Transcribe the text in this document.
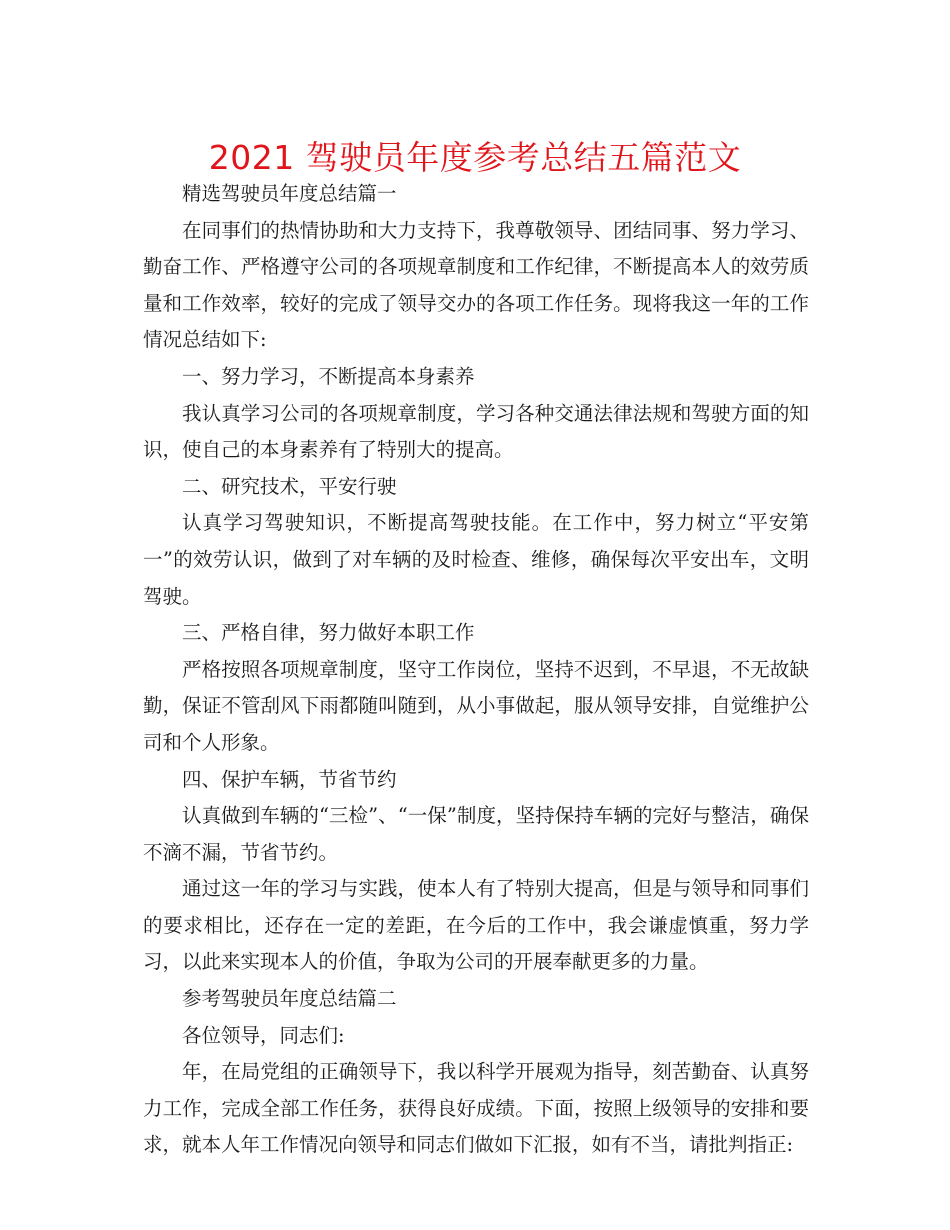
2021 驾驶员年度参考总结五篇范文

精选驾驶员年度总结篇一

在同事们的热情协助和大力支持下，我尊敬领导、团结同事、努力学习、勤奋工作、严格遵守公司的各项规章制度和工作纪律，不断提高本人的效劳质量和工作效率，较好的完成了领导交办的各项工作任务。现将我这一年的工作情况总结如下:

一、努力学习，不断提高本身素养

我认真学习公司的各项规章制度，学习各种交通法律法规和驾驶方面的知识，使自己的本身素养有了特别大的提高。

二、研究技术，平安行驶

认真学习驾驶知识，不断提高驾驶技能。在工作中，努力树立“平安第一”的效劳认识，做到了对车辆的及时检查、维修，确保每次平安出车，文明驾驶。

三、严格自律，努力做好本职工作

严格按照各项规章制度，坚守工作岗位，坚持不迟到，不早退，不无故缺勤，保证不管刮风下雨都随叫随到，从小事做起，服从领导安排，自觉维护公司和个人形象。

四、保护车辆，节省节约

认真做到车辆的“三检”、“一保”制度，坚持保持车辆的完好与整洁，确保不滴不漏，节省节约。

通过这一年的学习与实践，使本人有了特别大提高，但是与领导和同事们的要求相比，还存在一定的差距，在今后的工作中，我会谦虚慎重，努力学习，以此来实现本人的价值，争取为公司的开展奉献更多的力量。

参考驾驶员年度总结篇二

各位领导，同志们:

年，在局党组的正确领导下，我以科学开展观为指导，刻苦勤奋、认真努力工作，完成全部工作任务，获得良好成绩。下面，按照上级领导的安排和要求，就本人年工作情况向领导和同志们做如下汇报，如有不当，请批判指正:
